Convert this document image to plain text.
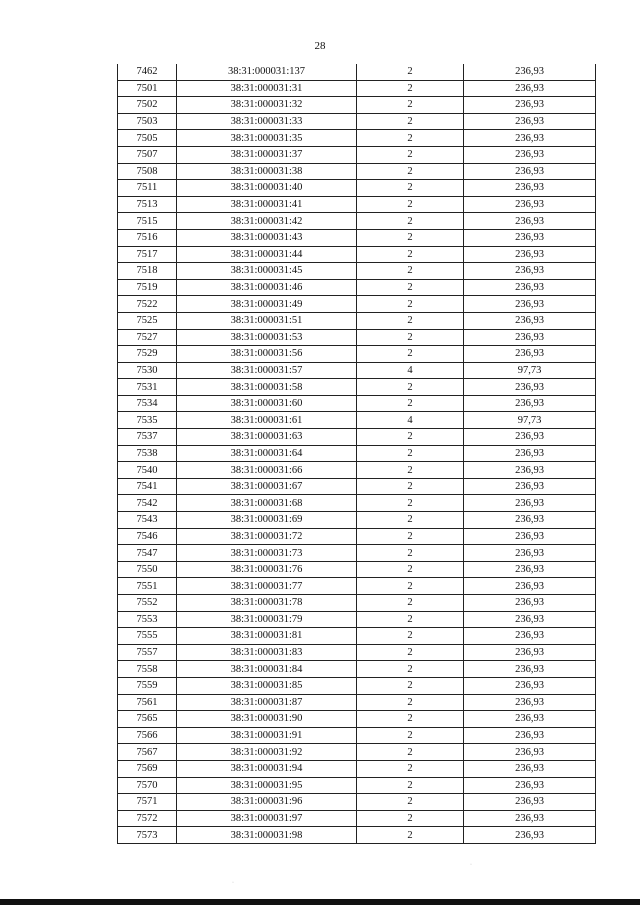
28
7462	38:31:000031:137	2	236,93
7501	38:31:000031:31	2	236,93
7502	38:31:000031:32	2	236,93
7503	38:31:000031:33	2	236,93
7505	38:31:000031:35	2	236,93
7507	38:31:000031:37	2	236,93
7508	38:31:000031:38	2	236,93
7511	38:31:000031:40	2	236,93
7513	38:31:000031:41	2	236,93
7515	38:31:000031:42	2	236,93
7516	38:31:000031:43	2	236,93
7517	38:31:000031:44	2	236,93
7518	38:31:000031:45	2	236,93
7519	38:31:000031:46	2	236,93
7522	38:31:000031:49	2	236,93
7525	38:31:000031:51	2	236,93
7527	38:31:000031:53	2	236,93
7529	38:31:000031:56	2	236,93
7530	38:31:000031:57	4	97,73
7531	38:31:000031:58	2	236,93
7534	38:31:000031:60	2	236,93
7535	38:31:000031:61	4	97,73
7537	38:31:000031:63	2	236,93
7538	38:31:000031:64	2	236,93
7540	38:31:000031:66	2	236,93
7541	38:31:000031:67	2	236,93
7542	38:31:000031:68	2	236,93
7543	38:31:000031:69	2	236,93
7546	38:31:000031:72	2	236,93
7547	38:31:000031:73	2	236,93
7550	38:31:000031:76	2	236,93
7551	38:31:000031:77	2	236,93
7552	38:31:000031:78	2	236,93
7553	38:31:000031:79	2	236,93
7555	38:31:000031:81	2	236,93
7557	38:31:000031:83	2	236,93
7558	38:31:000031:84	2	236,93
7559	38:31:000031:85	2	236,93
7561	38:31:000031:87	2	236,93
7565	38:31:000031:90	2	236,93
7566	38:31:000031:91	2	236,93
7567	38:31:000031:92	2	236,93
7569	38:31:000031:94	2	236,93
7570	38:31:000031:95	2	236,93
7571	38:31:000031:96	2	236,93
7572	38:31:000031:97	2	236,93
7573	38:31:000031:98	2	236,93
·
·
